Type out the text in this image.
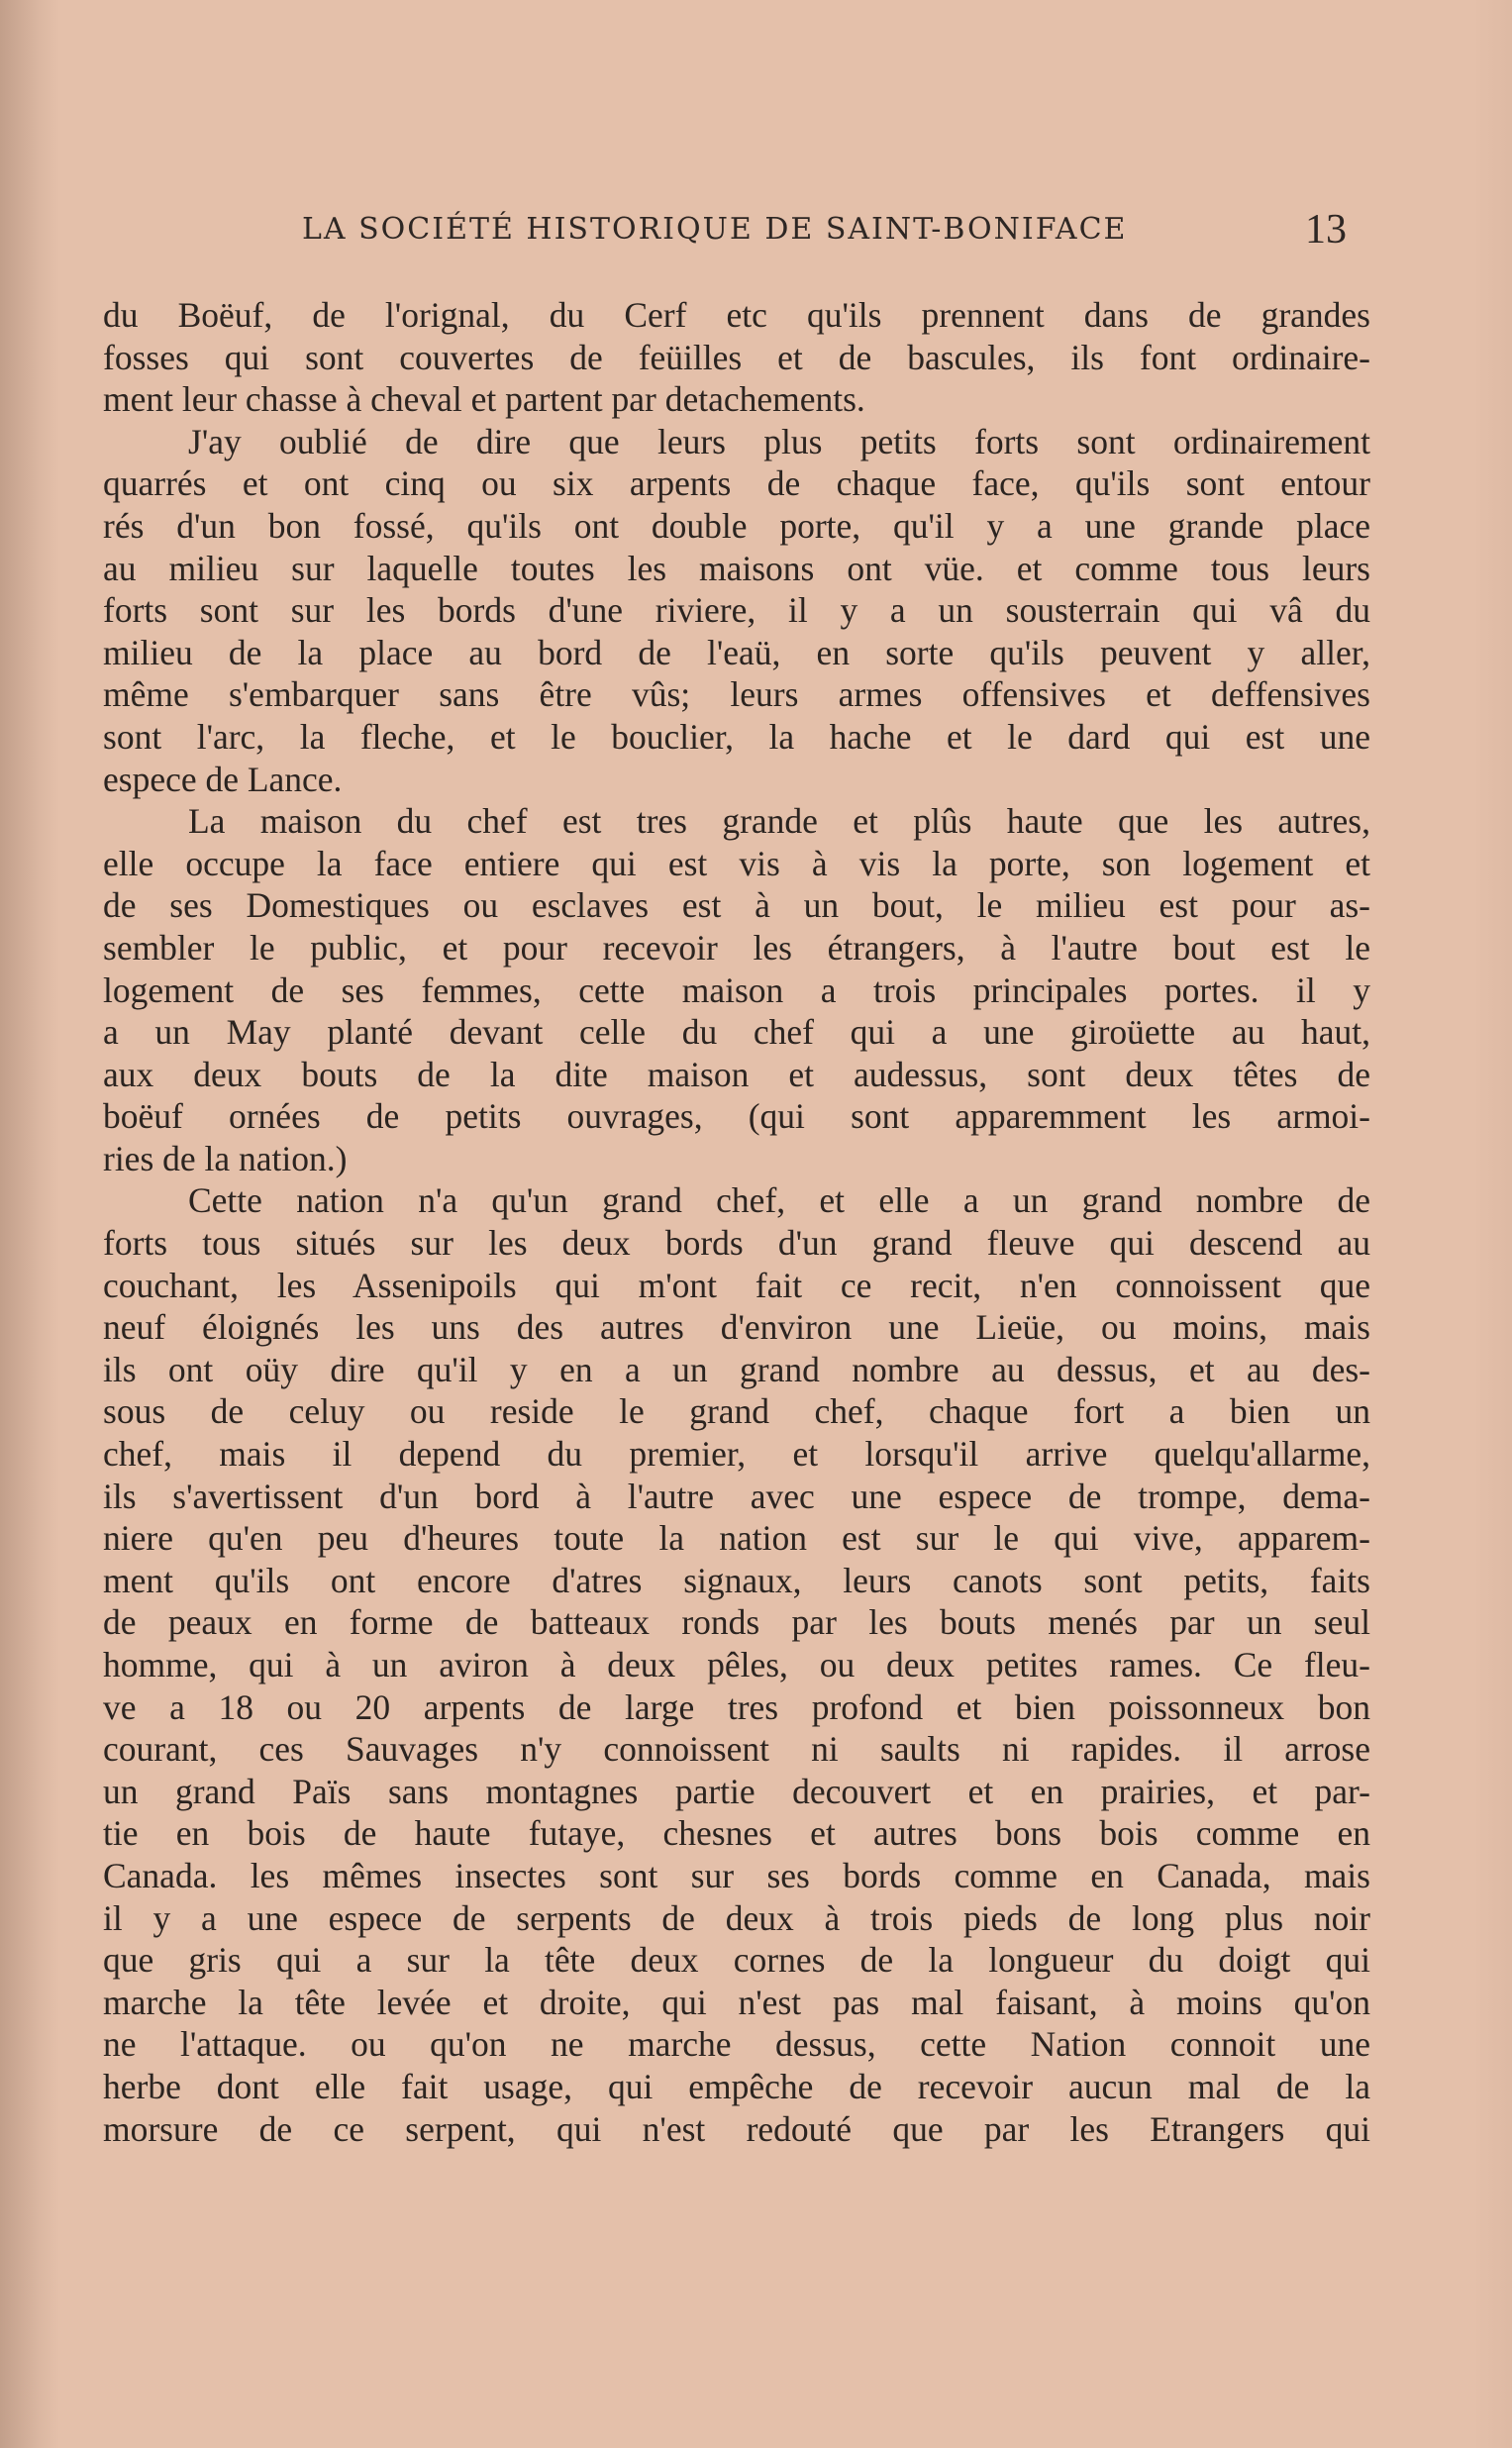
LA SOCIÉTÉ HISTORIQUE DE SAINT-BONIFACE	13
du Boëuf, de l'orignal, du Cerf etc qu'ils prennent dans de grandes
fosses qui sont couvertes de feüilles et de bascules, ils font ordinaire-
ment leur chasse à cheval et partent par detachements.
J'ay oublié de dire que leurs plus petits forts sont ordinairement
quarrés et ont cinq ou six arpents de chaque face, qu'ils sont entour
rés d'un bon fossé, qu'ils ont double porte, qu'il y a une grande place
au milieu sur laquelle toutes les maisons ont vüe. et comme tous leurs
forts sont sur les bords d'une riviere, il y a un sousterrain qui vâ du
milieu de la place au bord de l'eaü, en sorte qu'ils peuvent y aller,
même s'embarquer sans être vûs; leurs armes offensives et deffensives
sont l'arc, la fleche, et le bouclier, la hache et le dard qui est une
espece de Lance.
La maison du chef est tres grande et plûs haute que les autres,
elle occupe la face entiere qui est vis à vis la porte, son logement et
de ses Domestiques ou esclaves est à un bout, le milieu est pour as-
sembler le public, et pour recevoir les étrangers, à l'autre bout est le
logement de ses femmes, cette maison a trois principales portes. il y
a un May planté devant celle du chef qui a une giroüette au haut,
aux deux bouts de la dite maison et audessus, sont deux têtes de
boëuf ornées de petits ouvrages, (qui sont apparemment les armoi-
ries de la nation.)
Cette nation n'a qu'un grand chef, et elle a un grand nombre de
forts tous situés sur les deux bords d'un grand fleuve qui descend au
couchant, les Assenipoils qui m'ont fait ce recit, n'en connoissent que
neuf éloignés les uns des autres d'environ une Lieüe, ou moins, mais
ils ont oüy dire qu'il y en a un grand nombre au dessus, et au des-
sous de celuy ou reside le grand chef, chaque fort a bien un
chef, mais il depend du premier, et lorsqu'il arrive quelqu'allarme,
ils s'avertissent d'un bord à l'autre avec une espece de trompe, dema-
niere qu'en peu d'heures toute la nation est sur le qui vive, apparem-
ment qu'ils ont encore d'atres signaux, leurs canots sont petits, faits
de peaux en forme de batteaux ronds par les bouts menés par un seul
homme, qui à un aviron à deux pêles, ou deux petites rames. Ce fleu-
ve a 18 ou 20 arpents de large tres profond et bien poissonneux bon
courant, ces Sauvages n'y connoissent ni saults ni rapides. il arrose
un grand Païs sans montagnes partie decouvert et en prairies, et par-
tie en bois de haute futaye, chesnes et autres bons bois comme en
Canada. les mêmes insectes sont sur ses bords comme en Canada, mais
il y a une espece de serpents de deux à trois pieds de long plus noir
que gris qui a sur la tête deux cornes de la longueur du doigt qui
marche la tête levée et droite, qui n'est pas mal faisant, à moins qu'on
ne l'attaque. ou qu'on ne marche dessus, cette Nation connoit une
herbe dont elle fait usage, qui empêche de recevoir aucun mal de la
morsure de ce serpent, qui n'est redouté que par les Etrangers qui
